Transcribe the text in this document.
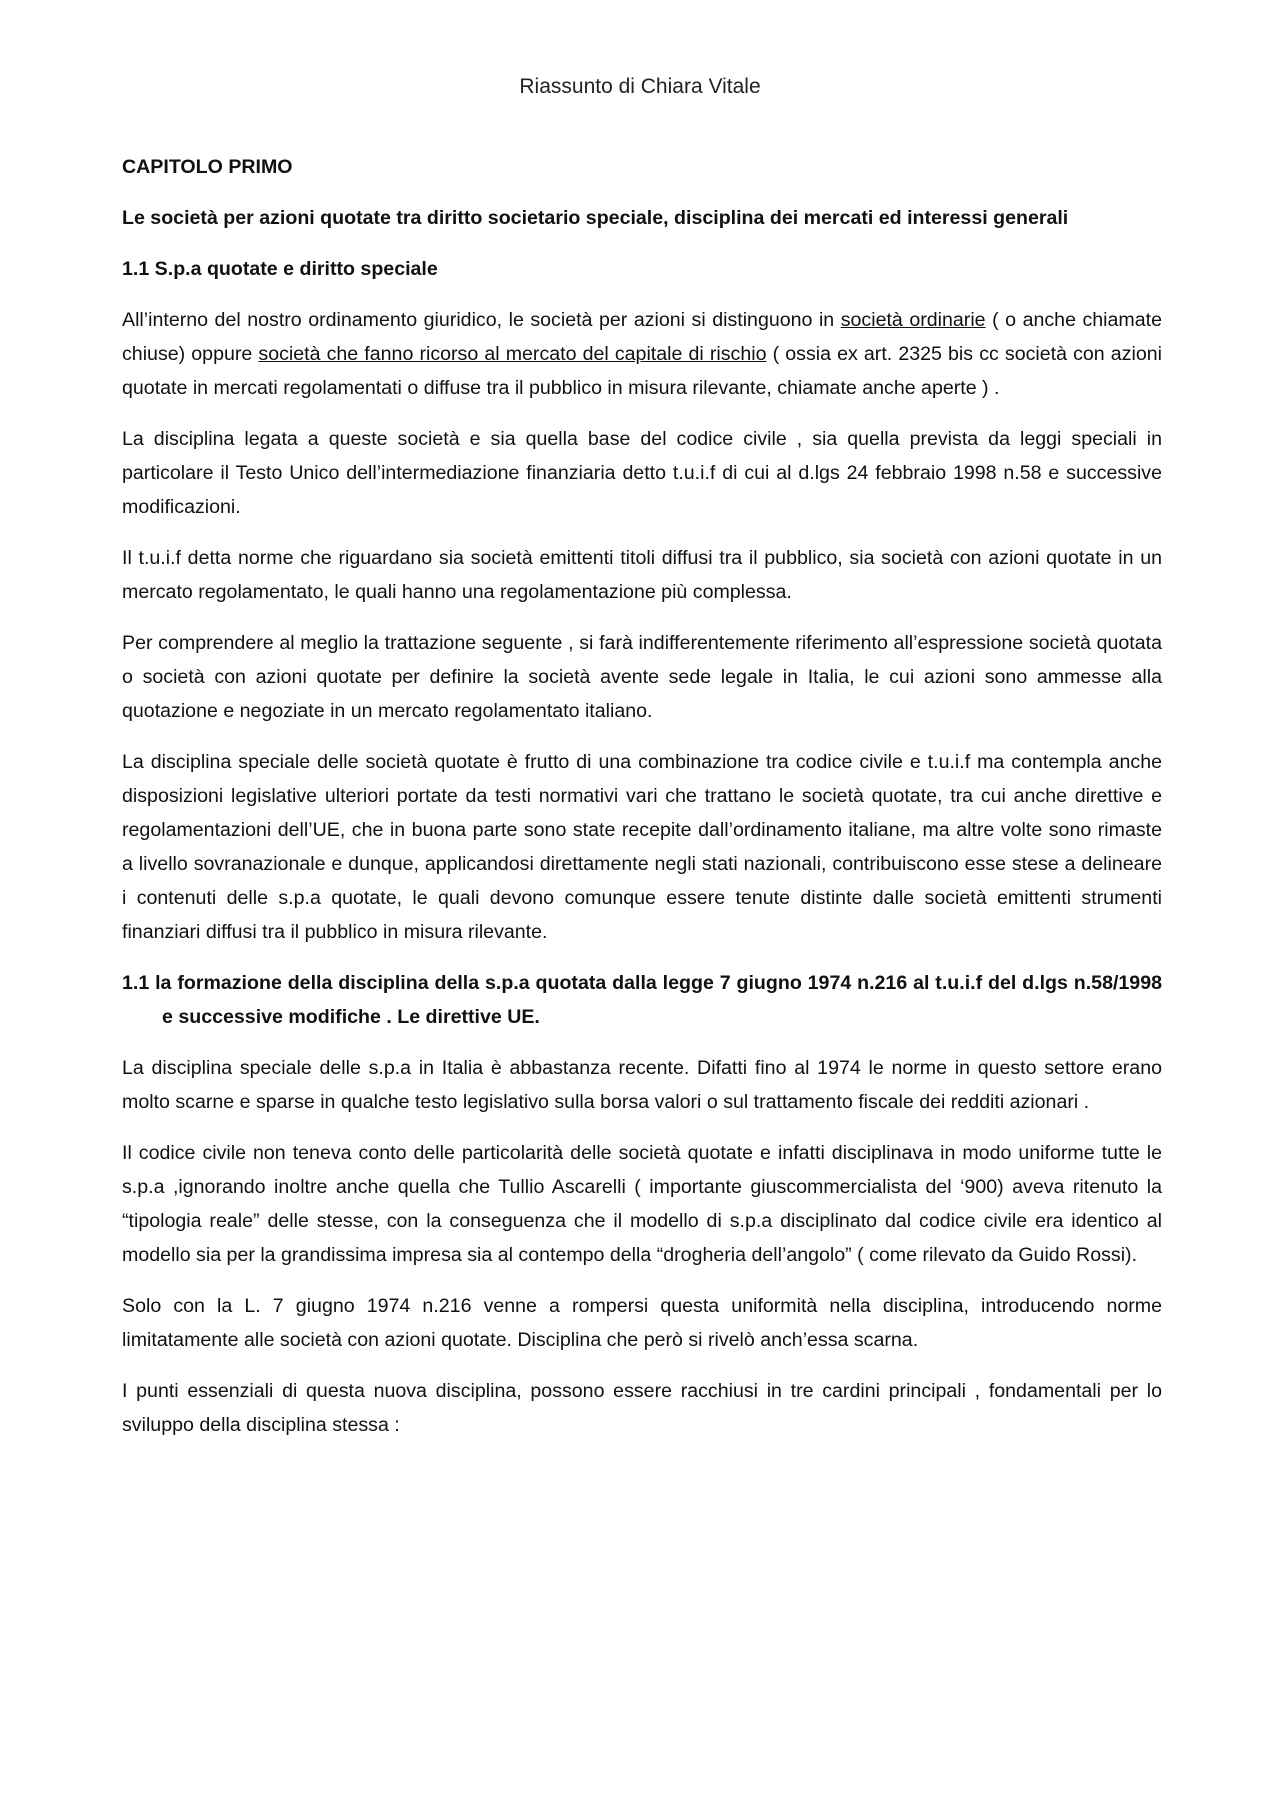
Riassunto di Chiara Vitale

CAPITOLO PRIMO

Le società per azioni quotate tra diritto societario speciale, disciplina dei mercati ed interessi generali

1.1 S.p.a quotate e diritto speciale

All’interno del nostro ordinamento giuridico, le società per azioni si distinguono in società ordinarie ( o anche chiamate chiuse) oppure società che fanno ricorso al mercato del capitale di rischio ( ossia ex art. 2325 bis cc società con azioni quotate in mercati regolamentati o diffuse tra il pubblico in misura rilevante, chiamate anche aperte ) .

La disciplina legata a queste società e sia quella base del codice civile , sia quella prevista da leggi speciali in particolare il Testo Unico dell’intermediazione finanziaria detto t.u.i.f di cui al d.lgs 24 febbraio 1998 n.58 e successive modificazioni.

Il t.u.i.f detta norme che riguardano sia società emittenti titoli diffusi tra il pubblico, sia società con azioni quotate in un mercato regolamentato, le quali hanno una regolamentazione più complessa.

Per comprendere al meglio la trattazione seguente , si farà indifferentemente riferimento all’espressione società quotata o società con azioni quotate per definire la società avente sede legale in Italia, le cui azioni sono ammesse alla quotazione e negoziate in un mercato regolamentato italiano.

La disciplina speciale delle società quotate è frutto di una combinazione tra codice civile e t.u.i.f ma contempla anche disposizioni legislative ulteriori portate da testi normativi vari che trattano le società quotate, tra cui anche direttive e regolamentazioni dell’UE, che in buona parte sono state recepite dall’ordinamento italiane, ma altre volte sono rimaste a livello sovranazionale e dunque, applicandosi direttamente negli stati nazionali, contribuiscono esse stese a delineare i contenuti delle s.p.a quotate, le quali devono comunque essere tenute distinte dalle società emittenti strumenti finanziari diffusi tra il pubblico in misura rilevante.

1.1 la formazione della disciplina della s.p.a quotata dalla legge 7 giugno 1974 n.216 al t.u.i.f del d.lgs n.58/1998 e successive modifiche . Le direttive UE.

La disciplina speciale delle s.p.a in Italia è abbastanza recente. Difatti fino al 1974 le norme in questo settore erano molto scarne e sparse in qualche testo legislativo sulla borsa valori o sul trattamento fiscale dei redditi azionari .

Il codice civile non teneva conto delle particolarità delle società quotate e infatti disciplinava in modo uniforme tutte le s.p.a ,ignorando inoltre anche quella che Tullio Ascarelli ( importante giuscommercialista del ‘900) aveva ritenuto la “tipologia reale” delle stesse, con la conseguenza che il modello di s.p.a disciplinato dal codice civile era identico al modello sia per la grandissima impresa sia al contempo della “drogheria dell’angolo” ( come rilevato da Guido Rossi).

Solo con la L. 7 giugno 1974 n.216 venne a rompersi questa uniformità nella disciplina, introducendo norme limitatamente alle società con azioni quotate. Disciplina che però si rivelò anch’essa scarna.

I punti essenziali di questa nuova disciplina, possono essere racchiusi in tre cardini principali , fondamentali per lo sviluppo della disciplina stessa :
